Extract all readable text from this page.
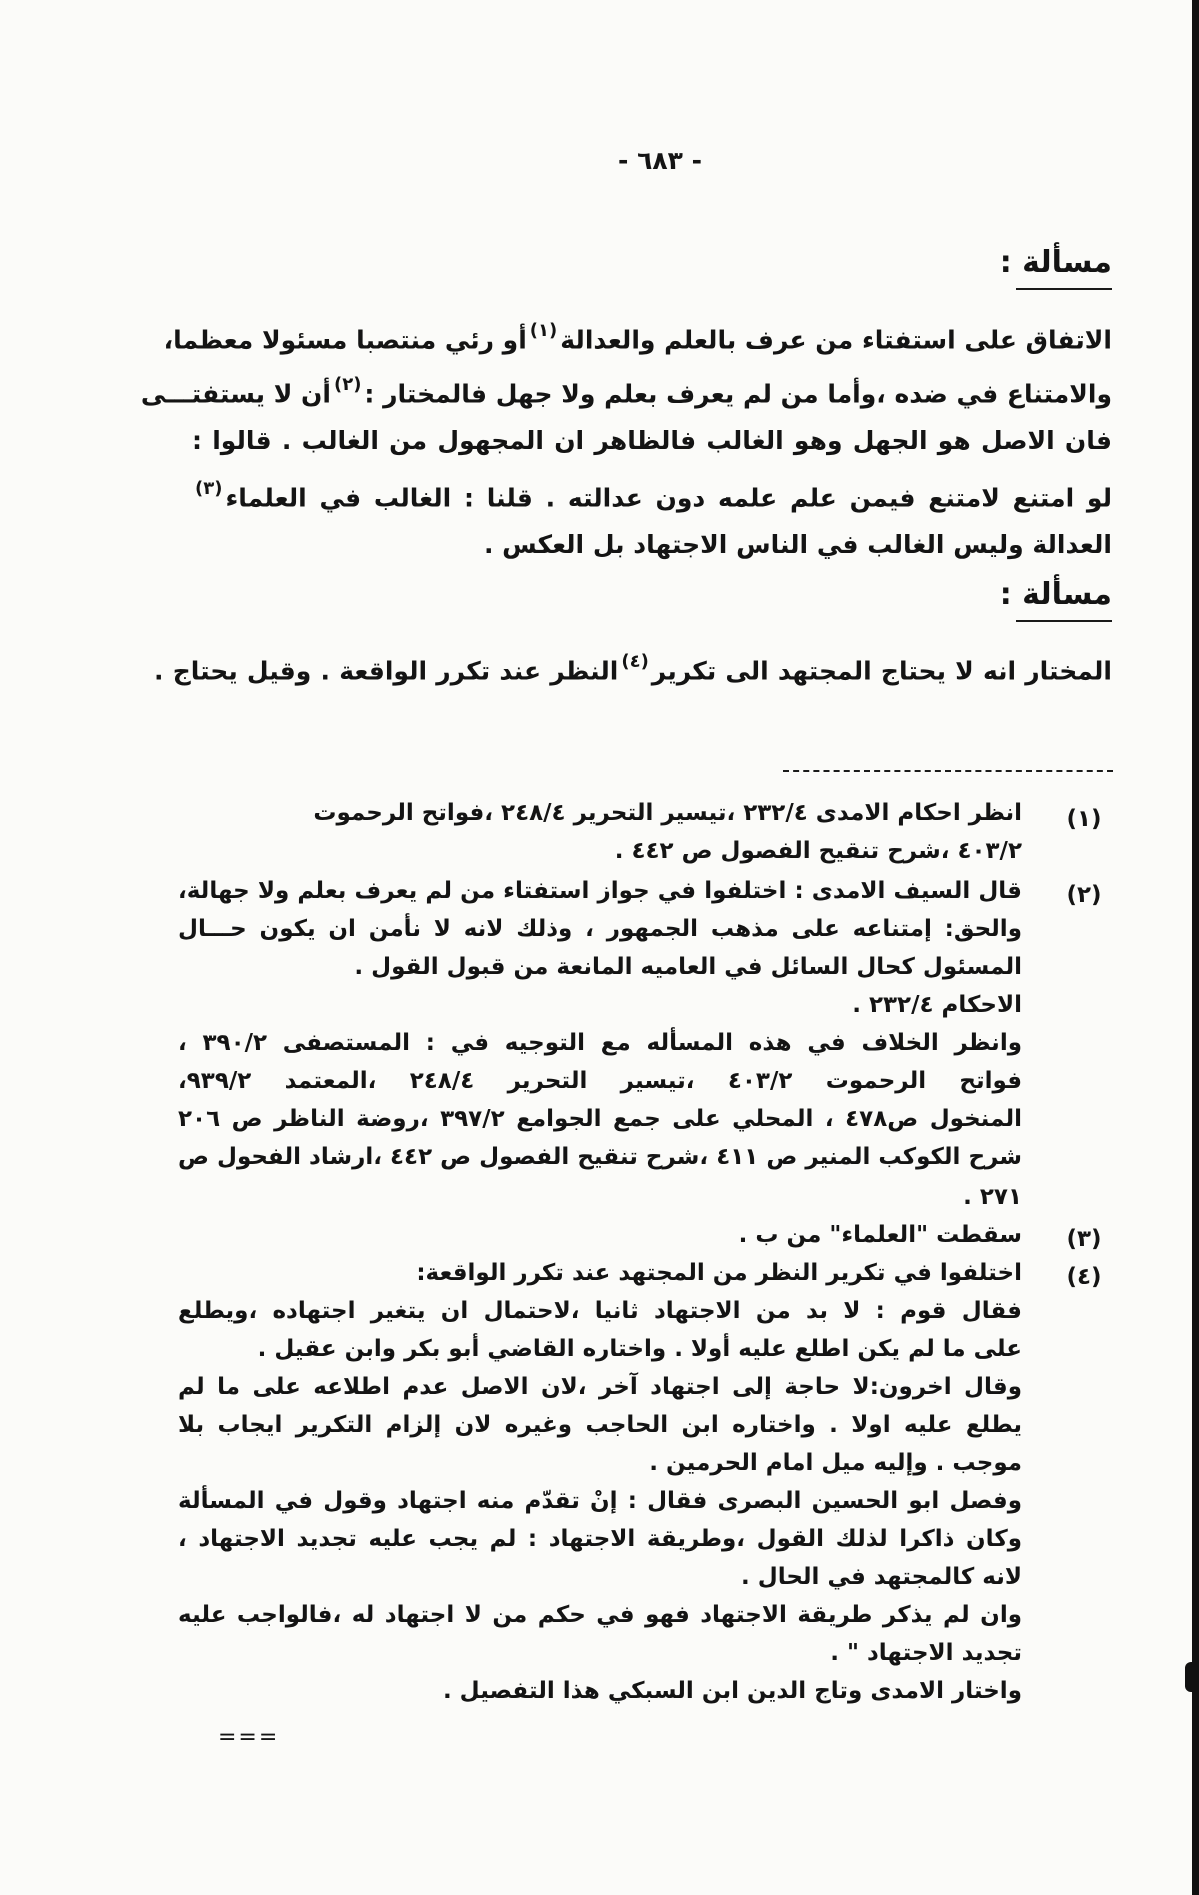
- ٦٨٣ -
مسألة :
الاتفاق على استفتاء من عرف بالعلم والعدالة$^{(١)}$أو رئي منتصبا مسئولا معظما،
والامتناع في ضده ،وأما من لم يعرف بعلم ولا جهل فالمختار :$^{(٢)}$أن لا يستفتـــى
فان الاصل هو الجهل وهو الغالب فالظاهر ان المجهول من الغالب . قالوا :
لو امتنع لامتنع فيمن علم علمه دون عدالته . قلنا : الغالب في العلماء$^{(٣)}$
العدالة وليس الغالب في الناس الاجتهاد بل العكس .
مسألة :
المختار انه لا يحتاج المجتهد الى تكرير$^{(٤)}$النظر عند تكرر الواقعة . وقيل يحتاج .
(١)
انظر احكام الامدى ٢٣٢/٤ ،تيسير التحرير ٢٤٨/٤ ،فواتح الرحموت
٤٠٣/٢ ،شرح تنقيح الفصول ص ٤٤٢ .
(٢)
قال السيف الامدى : اختلفوا في جواز استفتاء من لم يعرف بعلم ولا جهالة،
والحق: إمتناعه على مذهب الجمهور ، وذلك لانه لا نأمن ان يكون حـــال
المسئول كحال السائل في العاميه المانعة من قبول القول .
الاحكام ٢٣٢/٤ .
وانظر الخلاف في هذه المسأله مع التوجيه في : المستصفى ٣٩٠/٢ ،
فواتح الرحموت ٤٠٣/٢ ،تيسير التحرير ٢٤٨/٤ ،المعتمد ٩٣٩/٢،
المنخول ص٤٧٨ ، المحلي على جمع الجوامع ٣٩٧/٢ ،روضة الناظر ص ٢٠٦
شرح الكوكب المنير ص ٤١١ ،شرح تنقيح الفصول ص ٤٤٢ ،ارشاد الفحول ص
٢٧١ .
(٣)
سقطت "العلماء" من ب .
(٤)
اختلفوا في تكرير النظر من المجتهد عند تكرر الواقعة:
فقال قوم : لا بد من الاجتهاد ثانيا ،لاحتمال ان يتغير اجتهاده ،ويطلع
على ما لم يكن اطلع عليه أولا . واختاره القاضي أبو بكر وابن عقيل .
وقال اخرون:لا حاجة إلى اجتهاد آخر ،لان الاصل عدم اطلاعه على ما لم
يطلع عليه اولا . واختاره ابن الحاجب وغيره لان إلزام التكرير ايجاب بلا
موجب . وإليه ميل امام الحرمين .
وفصل ابو الحسين البصرى فقال : إنْ تقدّم منه اجتهاد وقول في المسألة
وكان ذاكرا لذلك القول ،وطريقة الاجتهاد : لم يجب عليه تجديد الاجتهاد ،
لانه كالمجتهد في الحال .
وان لم يذكر طريقة الاجتهاد فهو في حكم من لا اجتهاد له ،فالواجب عليه
تجديد الاجتهاد " .
واختار الامدى وتاج الدين ابن السبكي هذا التفصيل .
===
